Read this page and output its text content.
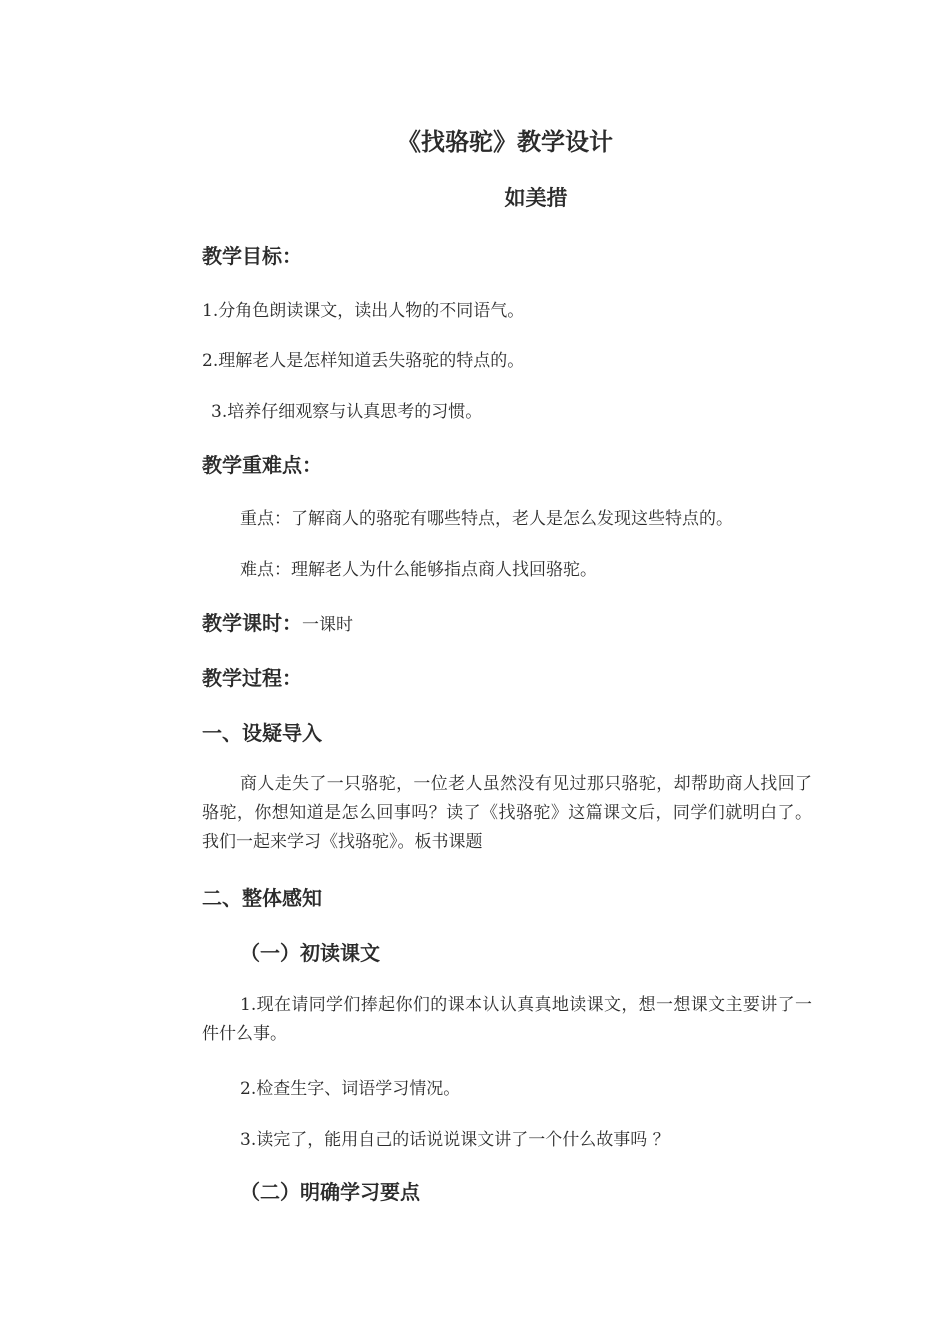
《找骆驼》教学设计
如美措
教学目标：
1.分角色朗读课文，读出人物的不同语气。
2.理解老人是怎样知道丢失骆驼的特点的。
3.培养仔细观察与认真思考的习惯。
教学重难点：
重点：了解商人的骆驼有哪些特点，老人是怎么发现这些特点的。
难点：理解老人为什么能够指点商人找回骆驼。
教学课时：一课时
教学过程：
一、设疑导入
商人走失了一只骆驼，一位老人虽然没有见过那只骆驼，却帮助商人找回了骆驼，你想知道是怎么回事吗？读了《找骆驼》这篇课文后，同学们就明白了。我们一起来学习《找骆驼》。板书课题
二、整体感知
（一）初读课文
1.现在请同学们捧起你们的课本认认真真地读课文，想一想课文主要讲了一件什么事。
2.检查生字、词语学习情况。
3.读完了，能用自己的话说说课文讲了一个什么故事吗 ？
（二）明确学习要点
